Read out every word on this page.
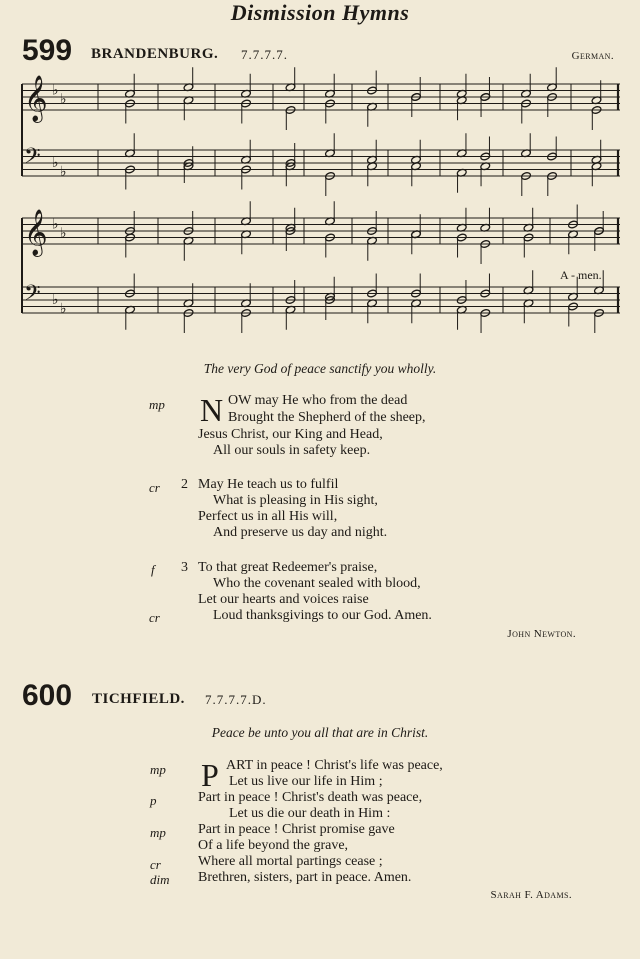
Dismission Hymns
599 BRANDENBURG. 7.7.7.7.	German.
𝄞 ♭
♭
𝄢 ♭
♭
𝄞 ♭
♭
𝄢 ♭
♭
A - men.
The very God of peace sanctify you wholly.
mp N OW may He who from the dead
Brought the Shepherd of the sheep,
Jesus Christ, our King and Head,
All our souls in safety keep.
cr 2 May He teach us to fulfil
What is pleasing in His sight,
Perfect us in all His will,
And preserve us day and night.
f 3 To that great Redeemer's praise,
Who the covenant sealed with blood,
Let our hearts and voices raise
cr	Loud thanksgivings to our God. Amen.
John Newton.
600 TICHFIELD. 7.7.7.7.D.
Peace be unto you all that are in Christ.
mp P ART in peace ! Christ's life was peace,
Let us live our life in Him ;
p	Part in peace ! Christ's death was peace,
Let us die our death in Him :
mp Part in peace ! Christ promise gave
Of a life beyond the grave,
cr	Where all mortal partings cease ;
dim Brethren, sisters, part in peace. Amen.
Sarah F. Adams.
